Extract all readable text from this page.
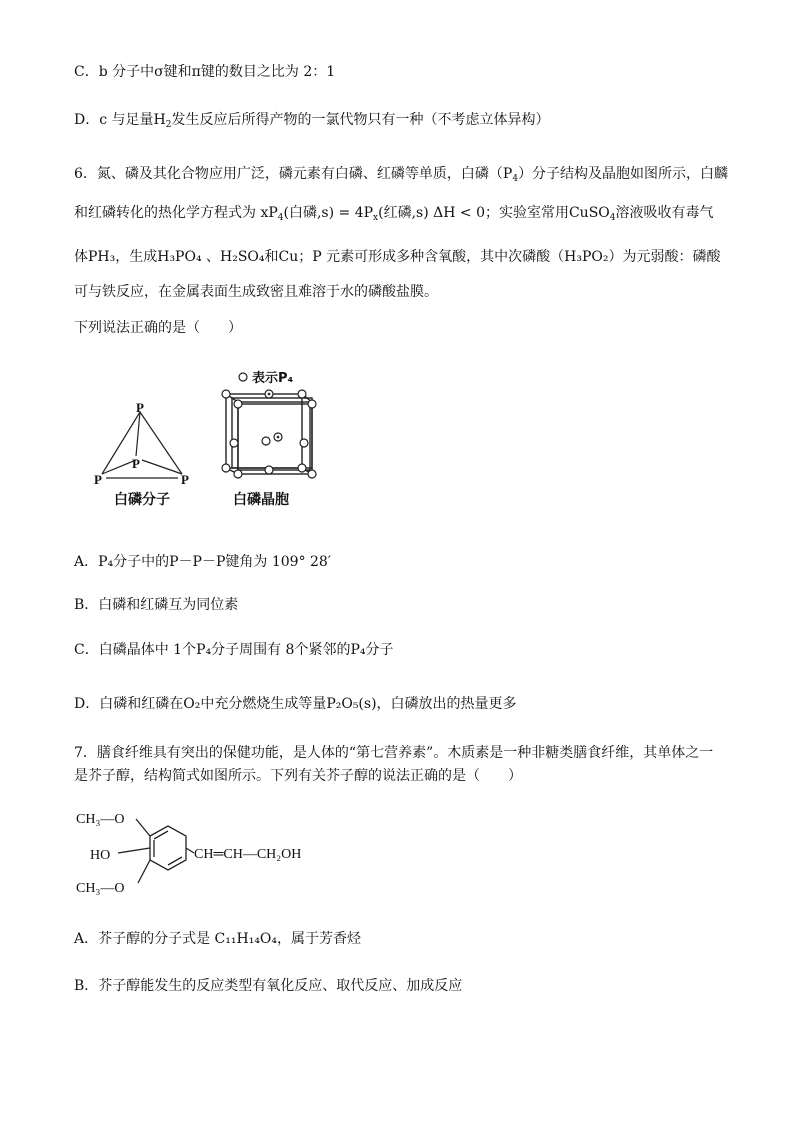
C．b 分子中σ键和π键的数目之比为 2：1
D．c 与足量$H_2$发生反应后所得产物的一氯代物只有一种（不考虑立体异构）
6．氮、磷及其化合物应用广泛，磷元素有白磷、红磷等单质，白磷$(P_4)$分子结构及晶胞如图所示，白麟
和红磷转化的热化学方程式为 $xP_4$(白磷$,s) = 4P_x$(红磷,s) ΔH < 0；实验室常用CuSO$_4$溶液吸收有毒气
体PH₃，生成H₃PO₄ 、H₂SO₄和Cu；P 元素可形成多种含氧酸，其中次磷酸（H₃PO₂）为元弱酸：磷酸
可与铁反应，在金属表面生成致密且难溶于水的磷酸盐膜。
下列说法正确的是（　　）
P
P
P	P
白磷分子
表示P₄
白磷晶胞
A．P₄分子中的P－P－P键角为 109° 28′
B．白磷和红磷互为同位素
C．白磷晶体中 1个P₄分子周围有 8个紧邻的P₄分子
D．白磷和红磷在O₂中充分燃烧生成等量P₂O₅(s)，白磷放出的热量更多
7．膳食纤维具有突出的保健功能，是人体的“第七营养素”。木质素是一种非糖类膳食纤维，其单体之一
是芥子醇，结构简式如图所示。下列有关芥子醇的说法正确的是（　　）
CH₃—O
HO
CH₃—O
CH═CH—CH₂OH
A．芥子醇的分子式是 C₁₁H₁₄O₄，属于芳香烃
B．芥子醇能发生的反应类型有氧化反应、取代反应、加成反应
